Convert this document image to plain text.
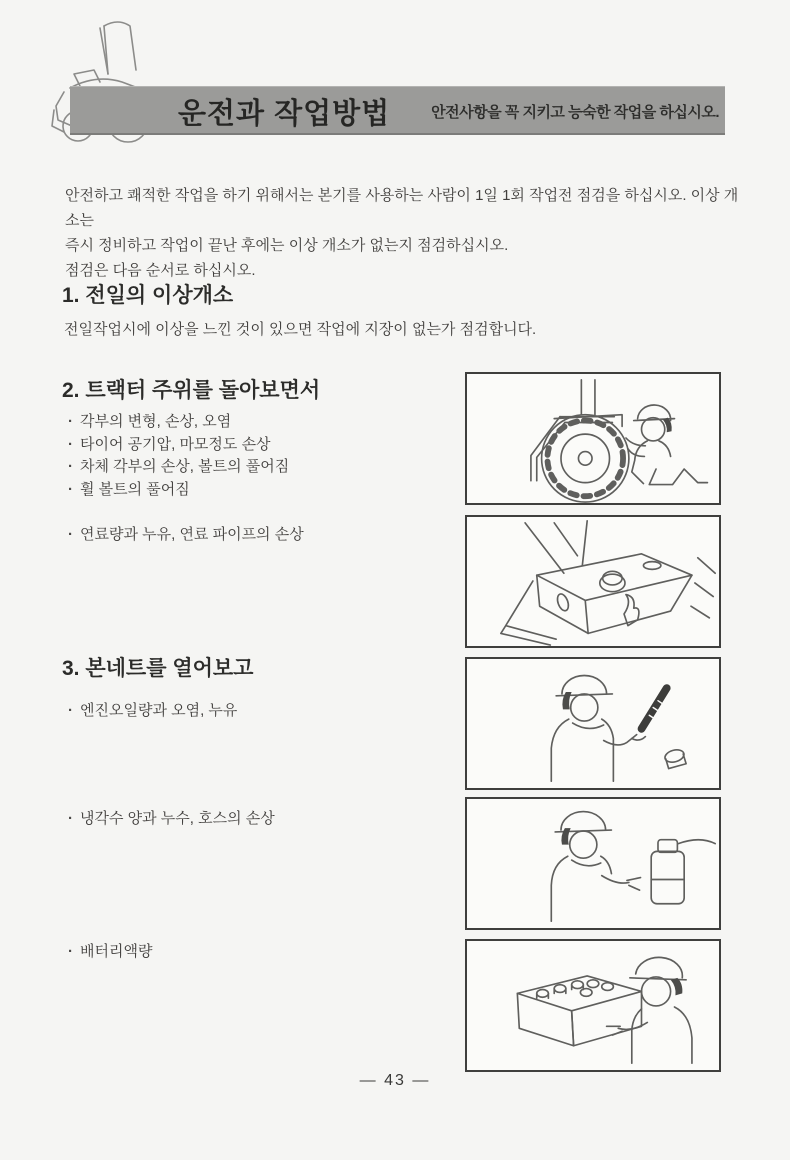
운전과 작업방법	안전사항을 꼭 지키고 능숙한 작업을 하십시오.
안전하고 쾌적한 작업을 하기 위해서는 본기를 사용하는 사람이 1일 1회 작업전 점검을 하십시오. 이상 개소는
즉시 정비하고 작업이 끝난 후에는 이상 개소가 없는지 점검하십시오.
점검은 다음 순서로 하십시오.
1. 전일의 이상개소
전일작업시에 이상을 느낀 것이 있으면 작업에 지장이 없는가 점검합니다.
2. 트랙터 주위를 돌아보면서
· 각부의 변형, 손상, 오염
· 타이어 공기압, 마모정도 손상
· 차체 각부의 손상, 볼트의 풀어짐
· 휠 볼트의 풀어짐
· 연료량과 누유, 연료 파이프의 손상
3. 본네트를 열어보고
· 엔진오일량과 오염, 누유
· 냉각수 양과 누수, 호스의 손상
· 배터리액량
— 43 —
